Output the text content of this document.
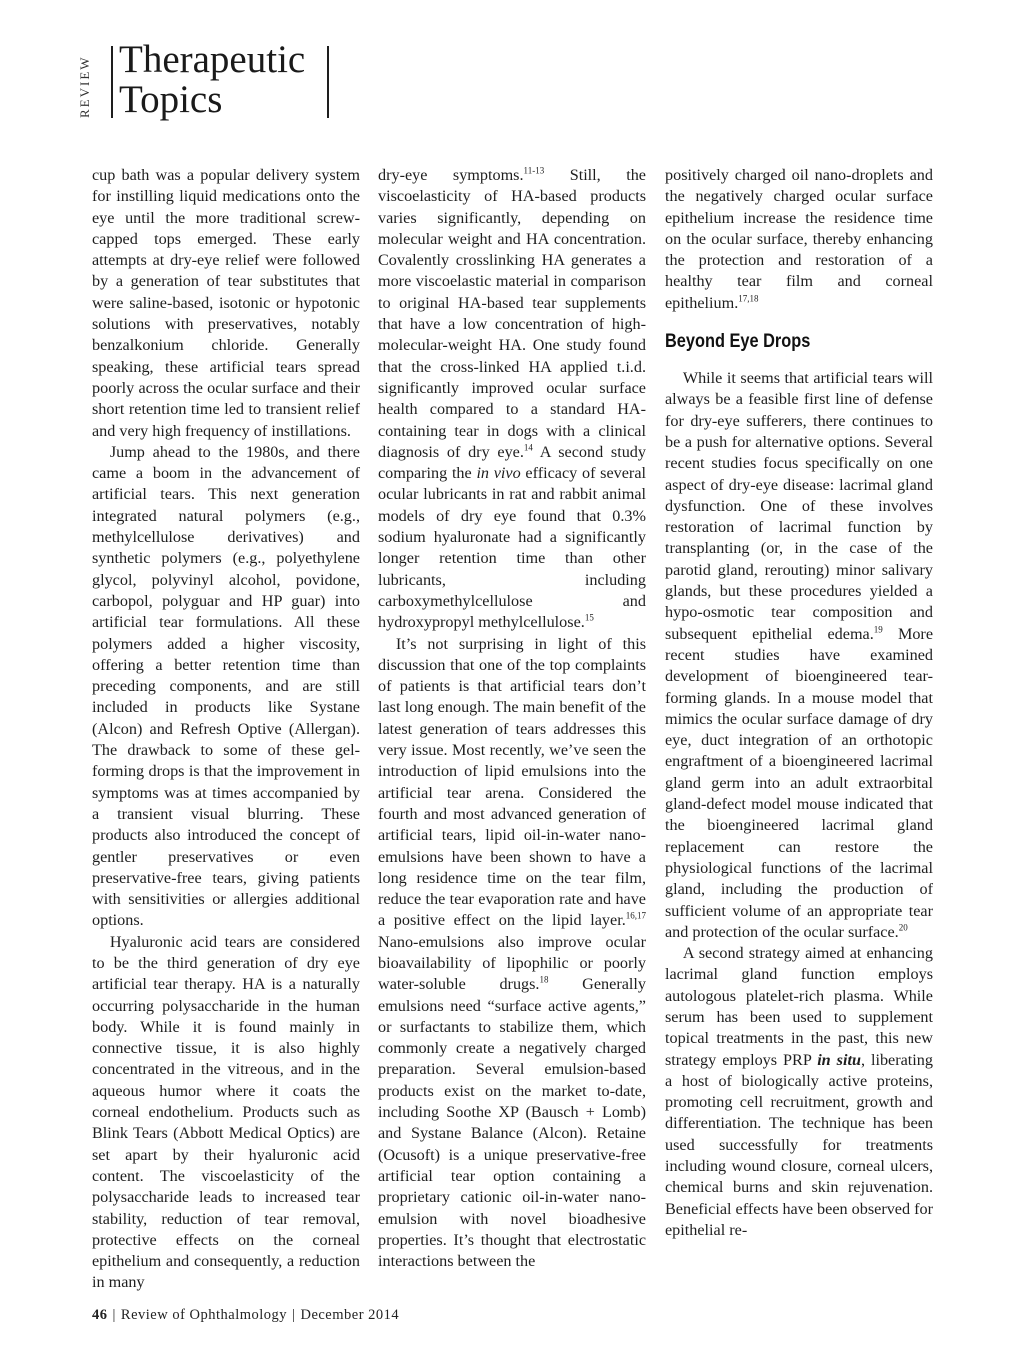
REVIEW Therapeutic
Topics

cup bath was a popular delivery system for instilling liquid medications onto the eye until the more traditional screw-capped tops emerged. These early attempts at dry-eye relief were followed by a generation of tear substitutes that were saline-based, isotonic or hypotonic solutions with preservatives, notably benzalkonium chloride. Generally speaking, these artificial tears spread poorly across the ocular surface and their short retention time led to transient relief and very high frequency of instillations.

Jump ahead to the 1980s, and there came a boom in the advancement of artificial tears. This next generation integrated natural polymers (e.g., methylcellulose derivatives) and synthetic polymers (e.g., polyethylene glycol, polyvinyl alcohol, povidone, carbopol, polyguar and HP guar) into artificial tear formulations. All these polymers added a higher viscosity, offering a better retention time than preceding components, and are still included in products like Systane (Alcon) and Refresh Optive (Allergan). The drawback to some of these gel-forming drops is that the improvement in symptoms was at times accompanied by a transient visual blurring. These products also introduced the concept of gentler preservatives or even preservative-free tears, giving patients with sensitivities or allergies additional options.

Hyaluronic acid tears are considered to be the third generation of dry eye artificial tear therapy. HA is a naturally occurring polysaccharide in the human body. While it is found mainly in connective tissue, it is also highly concentrated in the vitreous, and in the aqueous humor where it coats the corneal endothelium. Products such as Blink Tears (Abbott Medical Optics) are set apart by their hyaluronic acid content. The viscoelasticity of the polysaccharide leads to increased tear stability, reduction of tear removal, protective effects on the corneal epithelium and consequently, a reduction in many

dry-eye symptoms.$^{11-13}$ Still, the viscoelasticity of HA-based products varies significantly, depending on molecular weight and HA concentration. Covalently crosslinking HA generates a more viscoelastic material in comparison to original HA-based tear supplements that have a low concentration of high-molecular-weight HA. One study found that the cross-linked HA applied t.i.d. significantly improved ocular surface health compared to a standard HA-containing tear in dogs with a clinical diagnosis of dry eye.$^{14}$ A second study comparing the in vivo efficacy of several ocular lubricants in rat and rabbit animal models of dry eye found that 0.3% sodium hyaluronate had a significantly longer retention time than other lubricants, including carboxymethylcellulose and hydroxypropyl methylcellulose.$^{15}$

It’s not surprising in light of this discussion that one of the top complaints of patients is that artificial tears don’t last long enough. The main benefit of the latest generation of tears addresses this very issue. Most recently, we’ve seen the introduction of lipid emulsions into the artificial tear arena. Considered the fourth and most advanced generation of artificial tears, lipid oil-in-water nano-emulsions have been shown to have a long residence time on the tear film, reduce the tear evaporation rate and have a positive effect on the lipid layer.$^{16,17}$ Nano-emulsions also improve ocular bioavailability of lipophilic or poorly water-soluble drugs.$^{18}$ Generally emulsions need “surface active agents,” or surfactants to stabilize them, which commonly create a negatively charged preparation. Several emulsion-based products exist on the market to-date, including Soothe XP (Bausch + Lomb) and Systane Balance (Alcon). Retaine (Ocusoft) is a unique preservative-free artificial tear option containing a proprietary cationic oil-in-water nano-emulsion with novel bioadhesive properties. It’s thought that electrostatic interactions between the

positively charged oil nano-droplets and the negatively charged ocular surface epithelium increase the residence time on the ocular surface, thereby enhancing the protection and restoration of a healthy tear film and corneal epithelium.$^{17,18}$

Beyond Eye Drops

While it seems that artificial tears will always be a feasible first line of defense for dry-eye sufferers, there continues to be a push for alternative options. Several recent studies focus specifically on one aspect of dry-eye disease: lacrimal gland dysfunction. One of these involves restoration of lacrimal function by transplanting (or, in the case of the parotid gland, rerouting) minor salivary glands, but these procedures yielded a hypo-osmotic tear composition and subsequent epithelial edema.$^{19}$ More recent studies have examined development of bioengineered tear-forming glands. In a mouse model that mimics the ocular surface damage of dry eye, duct integration of an orthotopic engraftment of a bioengineered lacrimal gland germ into an adult extraorbital gland-defect model mouse indicated that the bioengineered lacrimal gland replacement can restore the physiological functions of the lacrimal gland, including the production of sufficient volume of an appropriate tear and protection of the ocular surface.$^{20}$

A second strategy aimed at enhancing lacrimal gland function employs autologous platelet-rich plasma. While serum has been used to supplement topical treatments in the past, this new strategy employs PRP in situ, liberating a host of biologically active proteins, promoting cell recruitment, growth and differentiation. The technique has been used successfully for treatments including wound closure, corneal ulcers, chemical burns and skin rejuvenation. Beneficial effects have been observed for epithelial re-

46 | Review of Ophthalmology | December 2014
